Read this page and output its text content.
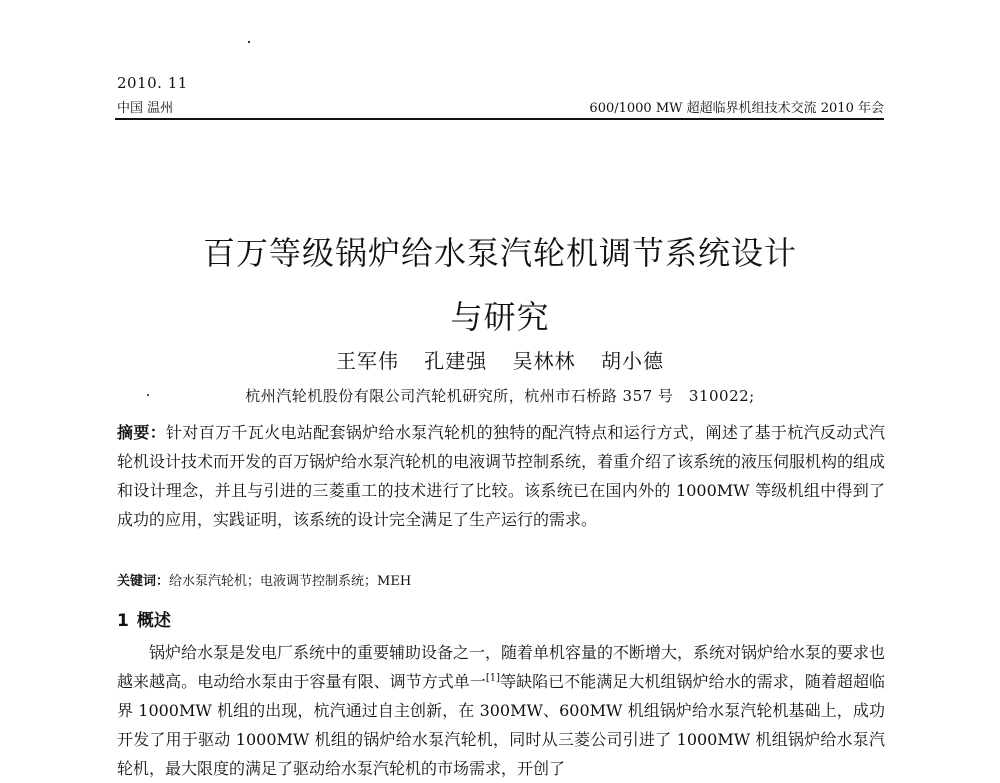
2010. 11
中国 温州	600/1000 MW 超超临界机组技术交流 2010 年会
百万等级锅炉给水泵汽轮机调节系统设计
与研究
王军伟 孔建强 吴林林 胡小德
杭州汽轮机股份有限公司汽轮机研究所，杭州市石桥路 357 号　310022;
摘要：针对百万千瓦火电站配套锅炉给水泵汽轮机的独特的配汽特点和运行方式，阐述了基于杭汽反动式汽轮机设计技术而开发的百万锅炉给水泵汽轮机的电液调节控制系统，着重介绍了该系统的液压伺服机构的组成和设计理念，并且与引进的三菱重工的技术进行了比较。该系统已在国内外的 1000MW 等级机组中得到了成功的应用，实践证明，该系统的设计完全满足了生产运行的需求。
关键词：给水泵汽轮机；电液调节控制系统；MEH
1 概述
锅炉给水泵是发电厂系统中的重要辅助设备之一，随着单机容量的不断增大，系统对锅炉给水泵的要求也越来越高。电动给水泵由于容量有限、调节方式单一[1]等缺陷已不能满足大机组锅炉给水的需求，随着超超临界 1000MW 机组的出现，杭汽通过自主创新，在 300MW、600MW 机组锅炉给水泵汽轮机基础上，成功开发了用于驱动 1000MW 机组的锅炉给水泵汽轮机，同时从三菱公司引进了 1000MW 机组锅炉给水泵汽轮机，最大限度的满足了驱动给水泵汽轮机的市场需求，开创了
